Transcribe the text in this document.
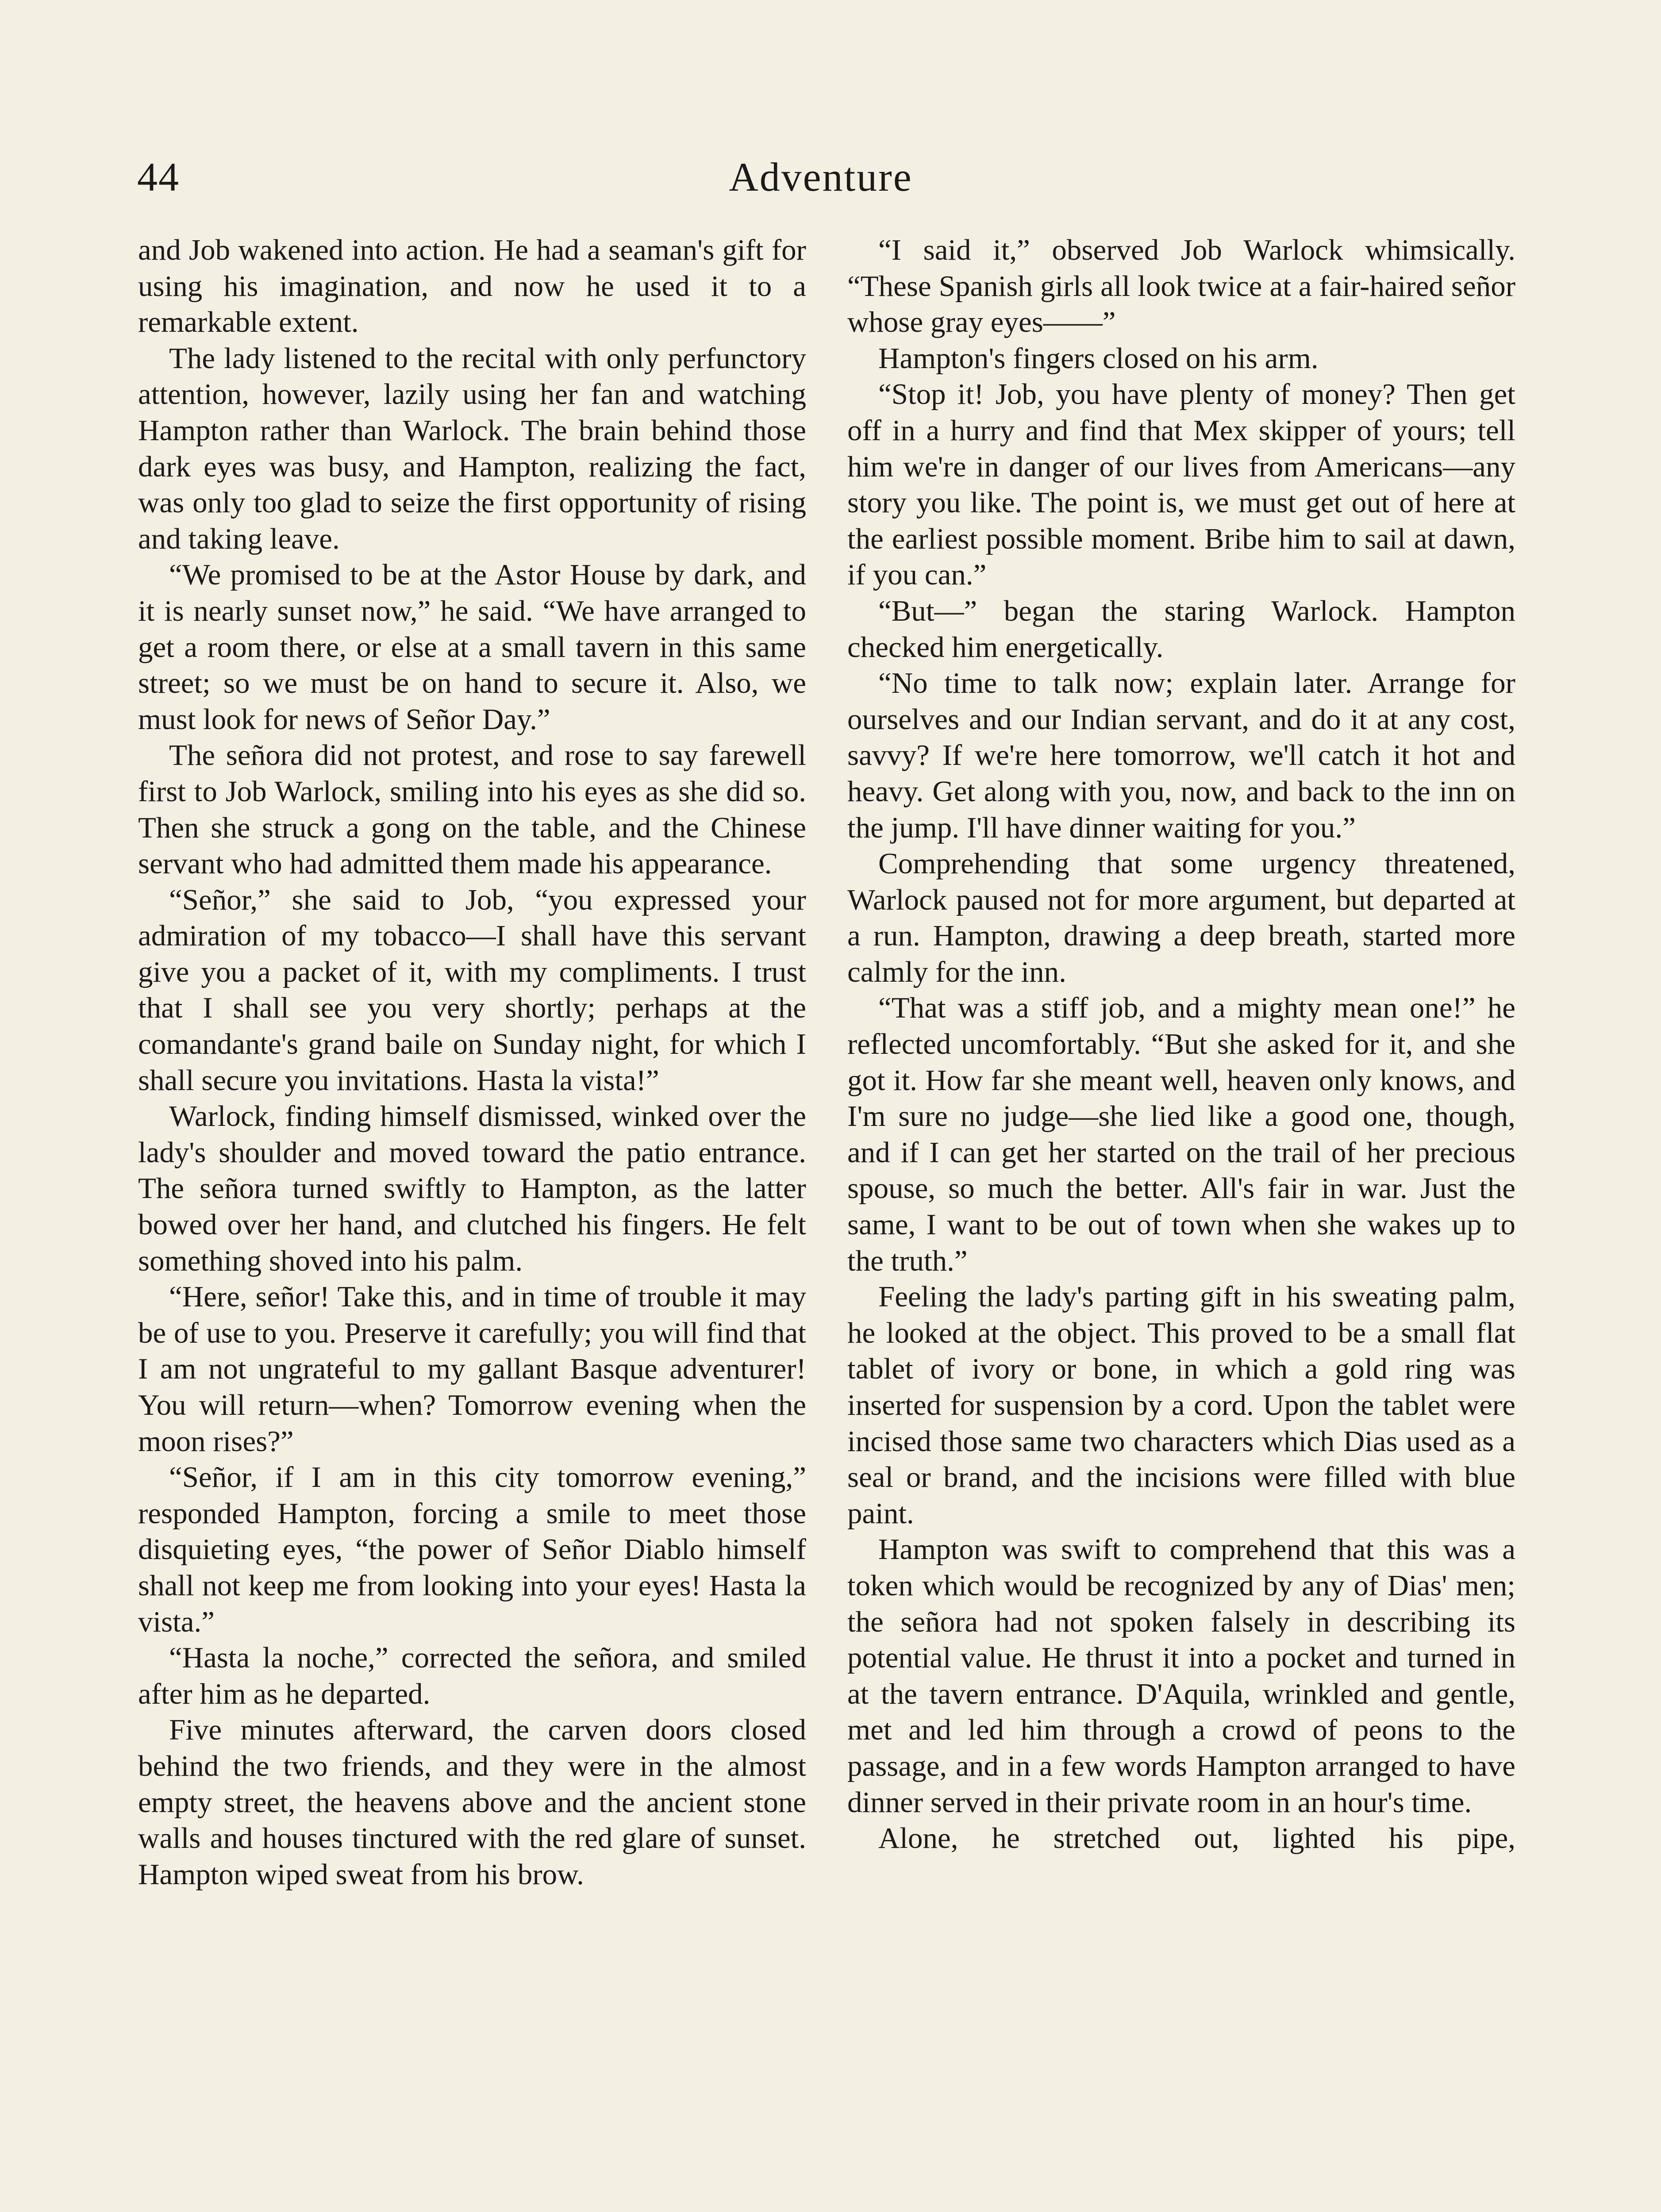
44	Adventure

and Job wakened into action. He had a seaman's gift for using his imagination, and now he used it to a remarkable extent.

The lady listened to the recital with only perfunctory attention, however, lazily using her fan and watching Hampton rather than Warlock. The brain behind those dark eyes was busy, and Hampton, realizing the fact, was only too glad to seize the first opportunity of rising and taking leave.

“We promised to be at the Astor House by dark, and it is nearly sunset now,” he said. “We have arranged to get a room there, or else at a small tavern in this same street; so we must be on hand to secure it. Also, we must look for news of Señor Day.”

The señora did not protest, and rose to say farewell first to Job Warlock, smiling into his eyes as she did so. Then she struck a gong on the table, and the Chinese servant who had admitted them made his appearance.

“Señor,” she said to Job, “you expressed your admiration of my tobacco—I shall have this servant give you a packet of it, with my compliments. I trust that I shall see you very shortly; perhaps at the comandante's grand baile on Sunday night, for which I shall secure you invitations. Hasta la vista!”

Warlock, finding himself dismissed, winked over the lady's shoulder and moved toward the patio entrance. The señora turned swiftly to Hampton, as the latter bowed over her hand, and clutched his fingers. He felt something shoved into his palm.

“Here, señor! Take this, and in time of trouble it may be of use to you. Preserve it carefully; you will find that I am not ungrateful to my gallant Basque adventurer! You will return—when? Tomorrow evening when the moon rises?”

“Señor, if I am in this city tomorrow evening,” responded Hampton, forcing a smile to meet those disquieting eyes, “the power of Señor Diablo himself shall not keep me from looking into your eyes! Hasta la vista.”

“Hasta la noche,” corrected the señora, and smiled after him as he departed.

Five minutes afterward, the carven doors closed behind the two friends, and they were in the almost empty street, the heavens above and the ancient stone walls and houses tinctured with the red glare of sunset. Hampton wiped sweat from his brow.

“I said it,” observed Job Warlock whimsically. “These Spanish girls all look twice at a fair-haired señor whose gray eyes——”

Hampton's fingers closed on his arm.

“Stop it! Job, you have plenty of money? Then get off in a hurry and find that Mex skipper of yours; tell him we're in danger of our lives from Americans—any story you like. The point is, we must get out of here at the earliest possible moment. Bribe him to sail at dawn, if you can.”

“But—” began the staring Warlock. Hampton checked him energetically.

“No time to talk now; explain later. Arrange for ourselves and our Indian servant, and do it at any cost, savvy? If we're here tomorrow, we'll catch it hot and heavy. Get along with you, now, and back to the inn on the jump. I'll have dinner waiting for you.”

Comprehending that some urgency threatened, Warlock paused not for more argument, but departed at a run. Hampton, drawing a deep breath, started more calmly for the inn.

“That was a stiff job, and a mighty mean one!” he reflected uncomfortably. “But she asked for it, and she got it. How far she meant well, heaven only knows, and I'm sure no judge—she lied like a good one, though, and if I can get her started on the trail of her precious spouse, so much the better. All's fair in war. Just the same, I want to be out of town when she wakes up to the truth.”

Feeling the lady's parting gift in his sweating palm, he looked at the object. This proved to be a small flat tablet of ivory or bone, in which a gold ring was inserted for suspension by a cord. Upon the tablet were incised those same two characters which Dias used as a seal or brand, and the incisions were filled with blue paint.

Hampton was swift to comprehend that this was a token which would be recognized by any of Dias' men; the señora had not spoken falsely in describing its potential value. He thrust it into a pocket and turned in at the tavern entrance. D'Aquila, wrinkled and gentle, met and led him through a crowd of peons to the passage, and in a few words Hampton arranged to have dinner served in their private room in an hour's time.

Alone, he stretched out, lighted his pipe,
